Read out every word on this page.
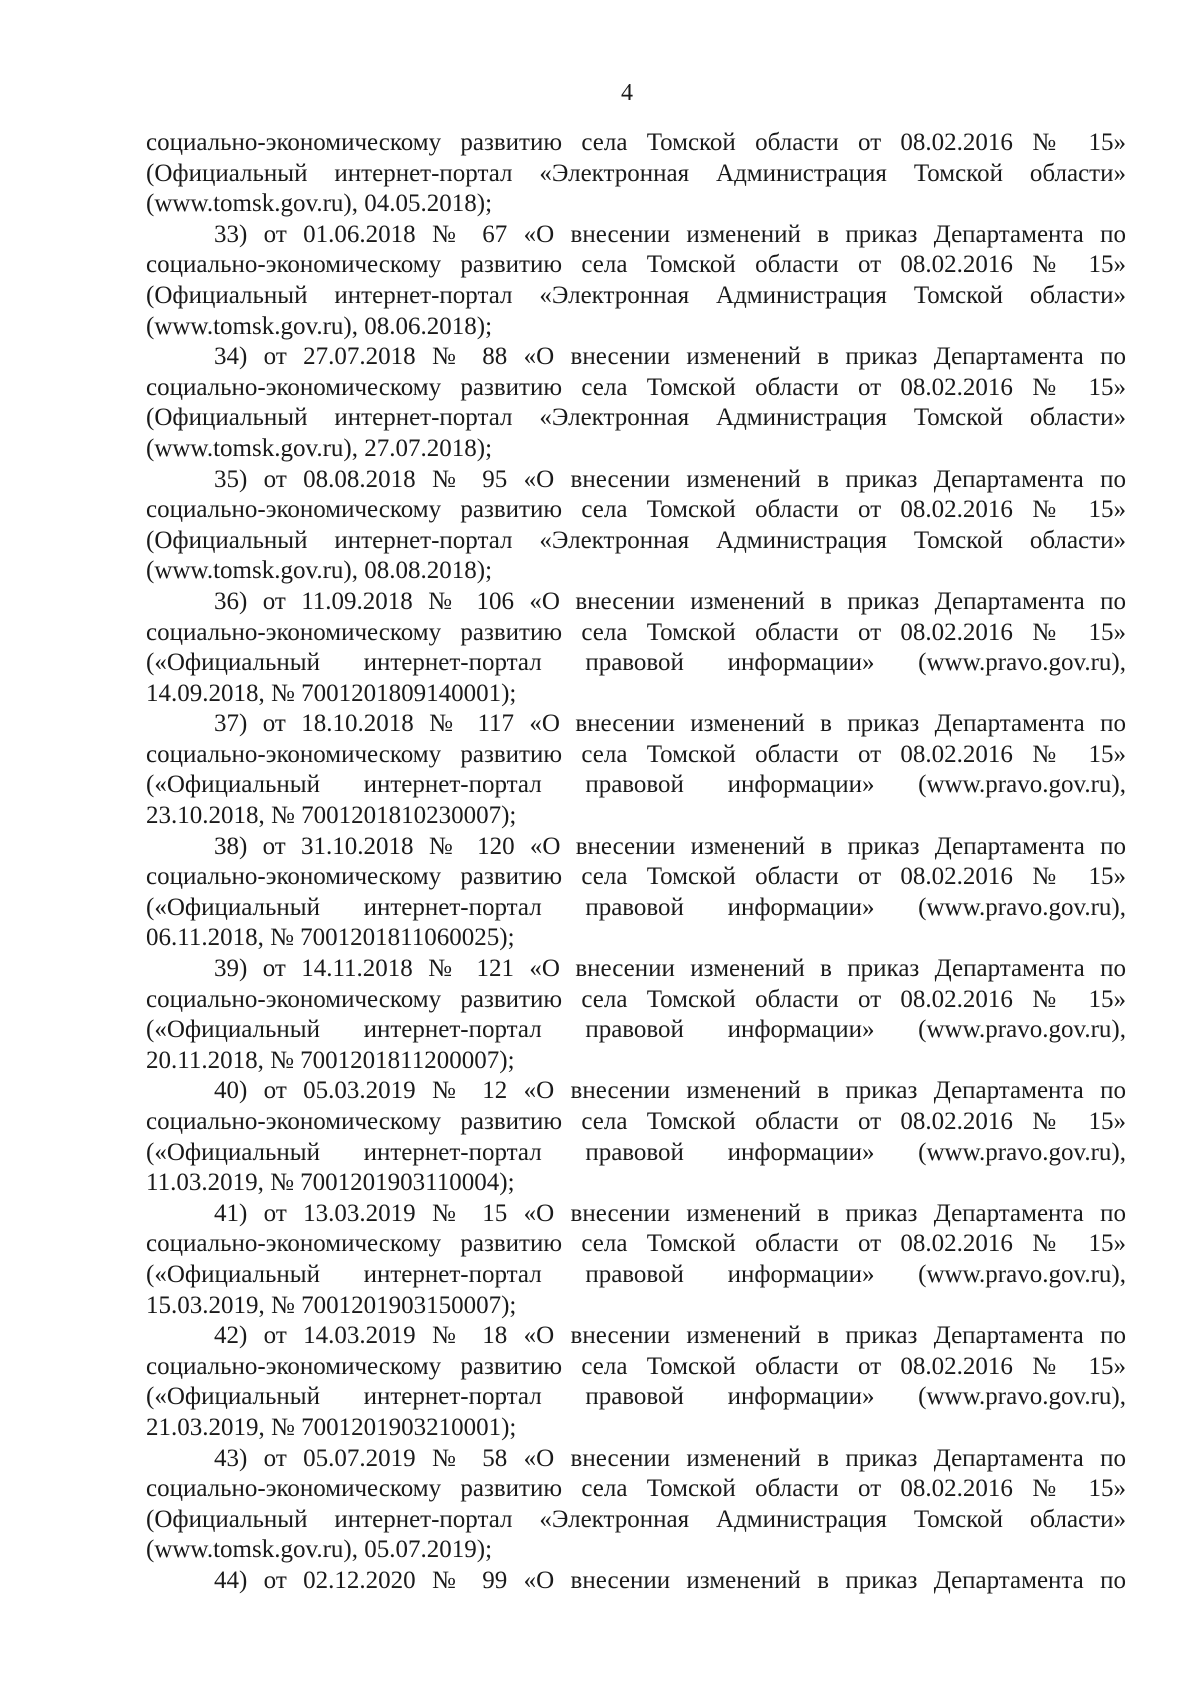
4
социально-экономическому развитию села Томской области от 08.02.2016 № 15»
(Официальный интернет-портал «Электронная Администрация Томской области»
(www.tomsk.gov.ru), 04.05.2018);
33) от 01.06.2018 № 67 «О внесении изменений в приказ Департамента по
социально-экономическому развитию села Томской области от 08.02.2016 № 15»
(Официальный интернет-портал «Электронная Администрация Томской области»
(www.tomsk.gov.ru), 08.06.2018);
34) от 27.07.2018 № 88 «О внесении изменений в приказ Департамента по
социально-экономическому развитию села Томской области от 08.02.2016 № 15»
(Официальный интернет-портал «Электронная Администрация Томской области»
(www.tomsk.gov.ru), 27.07.2018);
35) от 08.08.2018 № 95 «О внесении изменений в приказ Департамента по
социально-экономическому развитию села Томской области от 08.02.2016 № 15»
(Официальный интернет-портал «Электронная Администрация Томской области»
(www.tomsk.gov.ru), 08.08.2018);
36) от 11.09.2018 № 106 «О внесении изменений в приказ Департамента по
социально-экономическому развитию села Томской области от 08.02.2016 № 15»
(«Официальный интернет-портал правовой информации» (www.pravo.gov.ru),
14.09.2018, № 7001201809140001);
37) от 18.10.2018 № 117 «О внесении изменений в приказ Департамента по
социально-экономическому развитию села Томской области от 08.02.2016 № 15»
(«Официальный интернет-портал правовой информации» (www.pravo.gov.ru),
23.10.2018, № 7001201810230007);
38) от 31.10.2018 № 120 «О внесении изменений в приказ Департамента по
социально-экономическому развитию села Томской области от 08.02.2016 № 15»
(«Официальный интернет-портал правовой информации» (www.pravo.gov.ru),
06.11.2018, № 7001201811060025);
39) от 14.11.2018 № 121 «О внесении изменений в приказ Департамента по
социально-экономическому развитию села Томской области от 08.02.2016 № 15»
(«Официальный интернет-портал правовой информации» (www.pravo.gov.ru),
20.11.2018, № 7001201811200007);
40) от 05.03.2019 № 12 «О внесении изменений в приказ Департамента по
социально-экономическому развитию села Томской области от 08.02.2016 № 15»
(«Официальный интернет-портал правовой информации» (www.pravo.gov.ru),
11.03.2019, № 7001201903110004);
41) от 13.03.2019 № 15 «О внесении изменений в приказ Департамента по
социально-экономическому развитию села Томской области от 08.02.2016 № 15»
(«Официальный интернет-портал правовой информации» (www.pravo.gov.ru),
15.03.2019, № 7001201903150007);
42) от 14.03.2019 № 18 «О внесении изменений в приказ Департамента по
социально-экономическому развитию села Томской области от 08.02.2016 № 15»
(«Официальный интернет-портал правовой информации» (www.pravo.gov.ru),
21.03.2019, № 7001201903210001);
43) от 05.07.2019 № 58 «О внесении изменений в приказ Департамента по
социально-экономическому развитию села Томской области от 08.02.2016 № 15»
(Официальный интернет-портал «Электронная Администрация Томской области»
(www.tomsk.gov.ru), 05.07.2019);
44) от 02.12.2020 № 99 «О внесении изменений в приказ Департамента по
